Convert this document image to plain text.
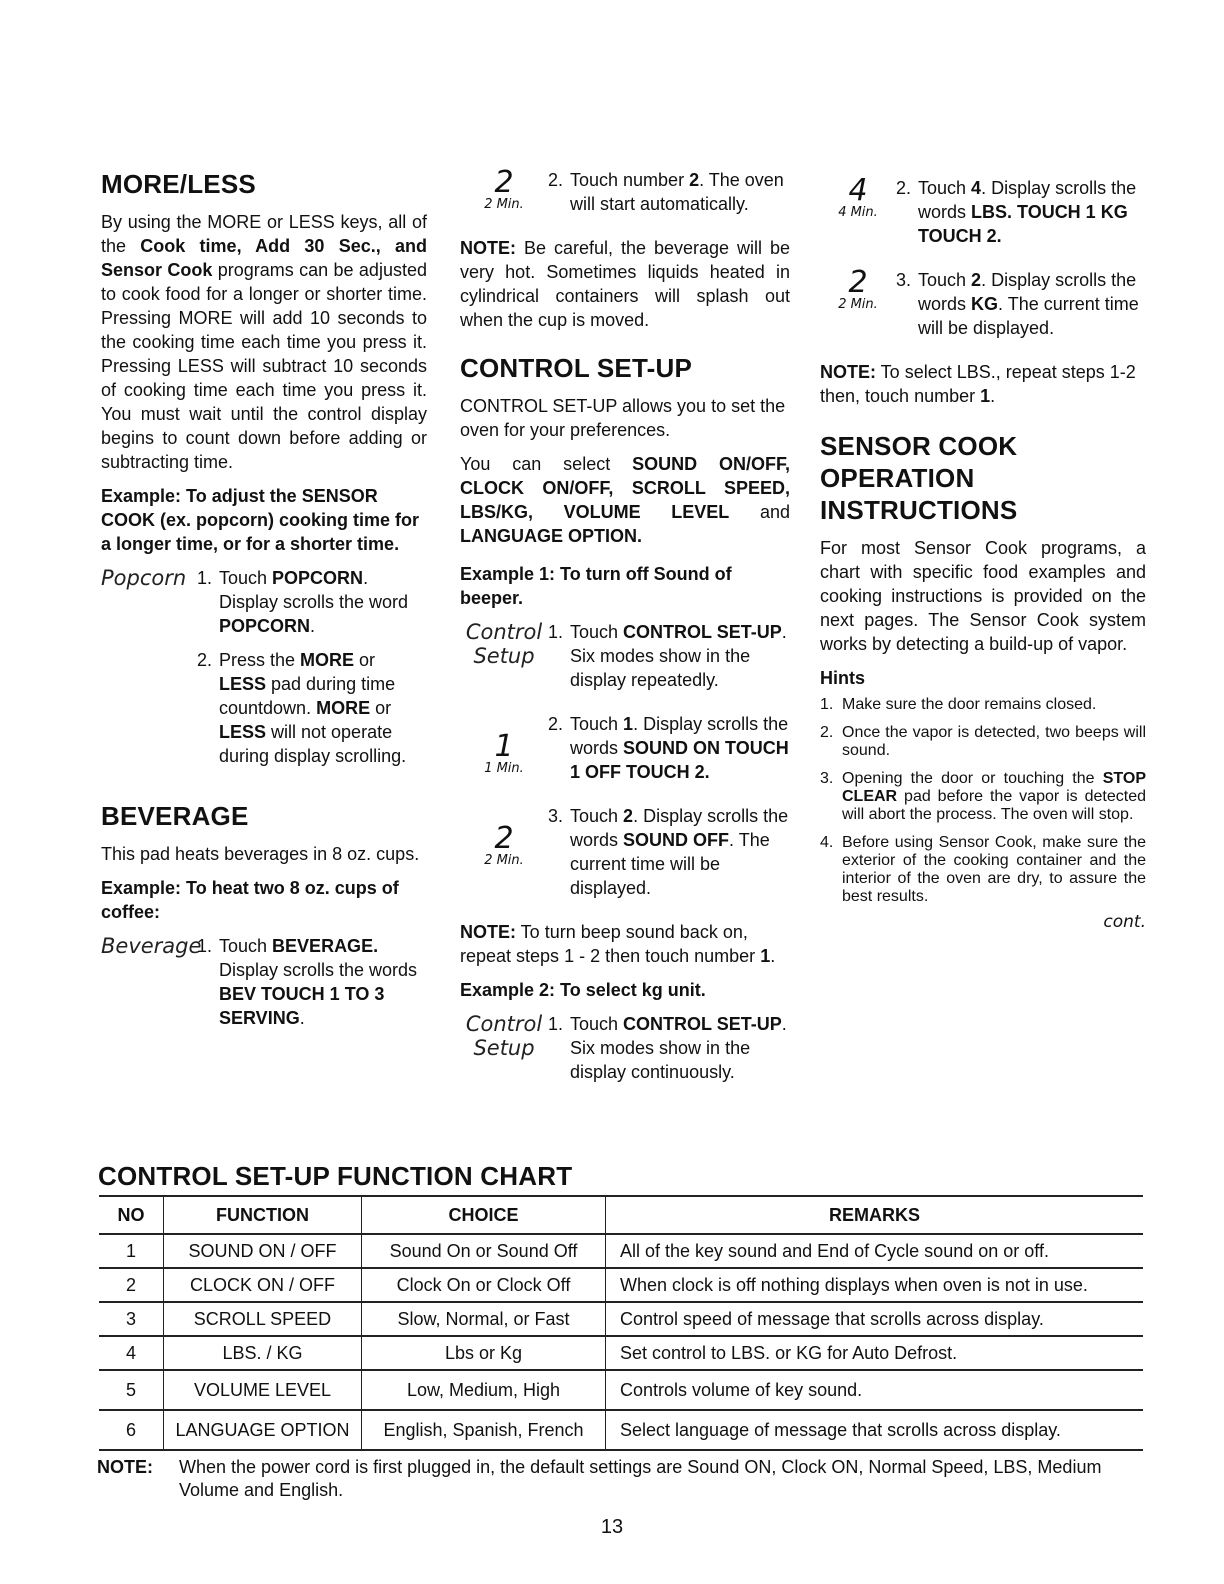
MORE/LESS

By using the MORE or LESS keys, all of the Cook time, Add 30 Sec., and Sensor Cook programs can be adjusted to cook food for a longer or shorter time. Pressing MORE will add 10 seconds to the cooking time each time you press it. Pressing LESS will subtract 10 seconds of cooking time each time you press it. You must wait until the control display begins to count down before adding or subtracting time.

Example: To adjust the SENSOR COOK (ex. popcorn) cooking time for a longer time, or for a shorter time.

Popcorn 1. Touch POPCORN. Display scrolls the word POPCORN.
2. Press the MORE or LESS pad during time countdown. MORE or LESS will not operate during display scrolling.
BEVERAGE

This pad heats beverages in 8 oz. cups.

Example: To heat two 8 oz. cups of coffee:

Beverage
1. Touch BEVERAGE. Display scrolls the words BEV TOUCH 1 TO 3 SERVING.
2
2 Min.
2. Touch number 2. The oven will start automatically.

NOTE: Be careful, the beverage will be very hot. Sometimes liquids heated in cylindrical containers will splash out when the cup is moved.

CONTROL SET-UP

CONTROL SET-UP allows you to set the oven for your preferences.

You can select SOUND ON/OFF, CLOCK ON/OFF, SCROLL SPEED, LBS/KG, VOLUME LEVEL and LANGUAGE OPTION.

Example 1: To turn off Sound of beeper.

Control
Setup
1. Touch CONTROL SET-UP. Six modes show in the display repeatedly.
1
1 Min.
2. Touch 1. Display scrolls the words SOUND ON TOUCH 1 OFF TOUCH 2.
2
2 Min.
3. Touch 2. Display scrolls the words SOUND OFF. The current time will be displayed.

NOTE: To turn beep sound back on, repeat steps 1 - 2 then touch number 1.

Example 2: To select kg unit.

Control
Setup
1. Touch CONTROL SET-UP. Six modes show in the display continuously.
4
4 Min.
2. Touch 4. Display scrolls the words LBS. TOUCH 1 KG TOUCH 2.
2
2 Min.
3. Touch 2. Display scrolls the words KG. The current time will be displayed.

NOTE: To select LBS., repeat steps 1-2 then, touch number 1.

SENSOR COOK
OPERATION
INSTRUCTIONS

For most Sensor Cook programs, a chart with specific food examples and cooking instructions is provided on the next pages. The Sensor Cook system works by detecting a build-up of vapor.

Hints

1. Make sure the door remains closed.
2. Once the vapor is detected, two beeps will sound.
3. Opening the door or touching the STOP CLEAR pad before the vapor is detected will abort the process. The oven will stop.
4. Before using Sensor Cook, make sure the exterior of the cooking container and the interior of the oven are dry, to assure the best results.
cont.
CONTROL SET-UP FUNCTION CHART
NO	FUNCTION	CHOICE	REMARKS
1	SOUND ON / OFF	Sound On or Sound Off	All of the key sound and End of Cycle sound on or off.
2	CLOCK ON / OFF	Clock On or Clock Off	When clock is off nothing displays when oven is not in use.
3	SCROLL SPEED	Slow, Normal, or Fast	Control speed of message that scrolls across display.
4	LBS. / KG	Lbs or Kg	Set control to LBS. or KG for Auto Defrost.
5	VOLUME LEVEL	Low, Medium, High	Controls volume of key sound.
6	LANGUAGE OPTION	English, Spanish, French	Select language of message that scrolls across display.
NOTE:	When the power cord is first plugged in, the default settings are Sound ON, Clock ON, Normal Speed, LBS, Medium Volume and English.
13
